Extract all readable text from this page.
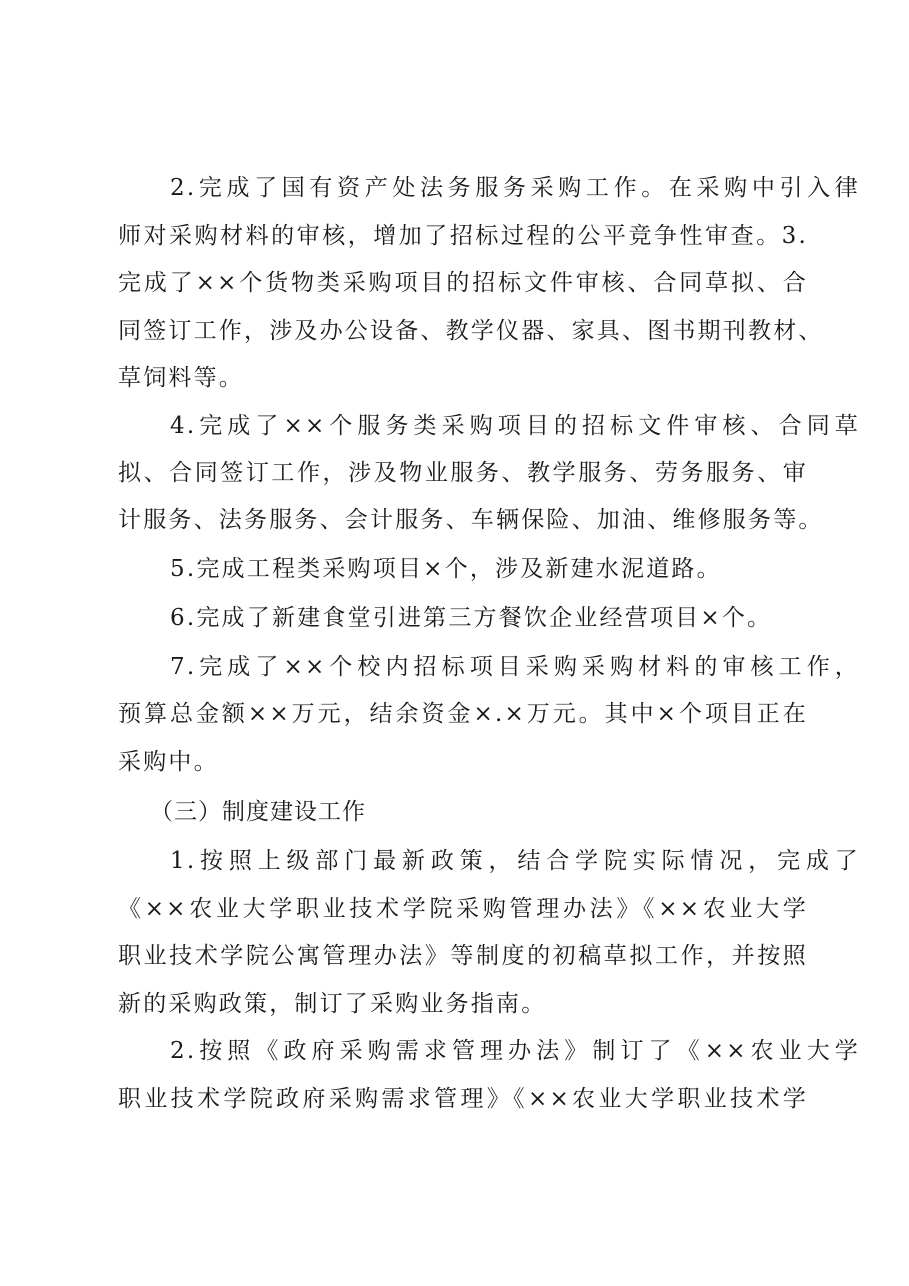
2.完成了国有资产处法务服务采购工作。在采购中引入律
师对采购材料的审核，增加了招标过程的公平竞争性审查。3.
完成了××个货物类采购项目的招标文件审核、合同草拟、合
同签订工作，涉及办公设备、教学仪器、家具、图书期刊教材、
草饲料等。
4.完成了××个服务类采购项目的招标文件审核、合同草
拟、合同签订工作，涉及物业服务、教学服务、劳务服务、审
计服务、法务服务、会计服务、车辆保险、加油、维修服务等。
5.完成工程类采购项目×个，涉及新建水泥道路。
6.完成了新建食堂引进第三方餐饮企业经营项目×个。
7.完成了××个校内招标项目采购采购材料的审核工作，
预算总金额××万元，结余资金×.×万元。其中×个项目正在
采购中。
（三）制度建设工作
1.按照上级部门最新政策，结合学院实际情况，完成了
《××农业大学职业技术学院采购管理办法》《××农业大学
职业技术学院公寓管理办法》等制度的初稿草拟工作，并按照
新的采购政策，制订了采购业务指南。
2.按照《政府采购需求管理办法》制订了《××农业大学
职业技术学院政府采购需求管理》《××农业大学职业技术学
